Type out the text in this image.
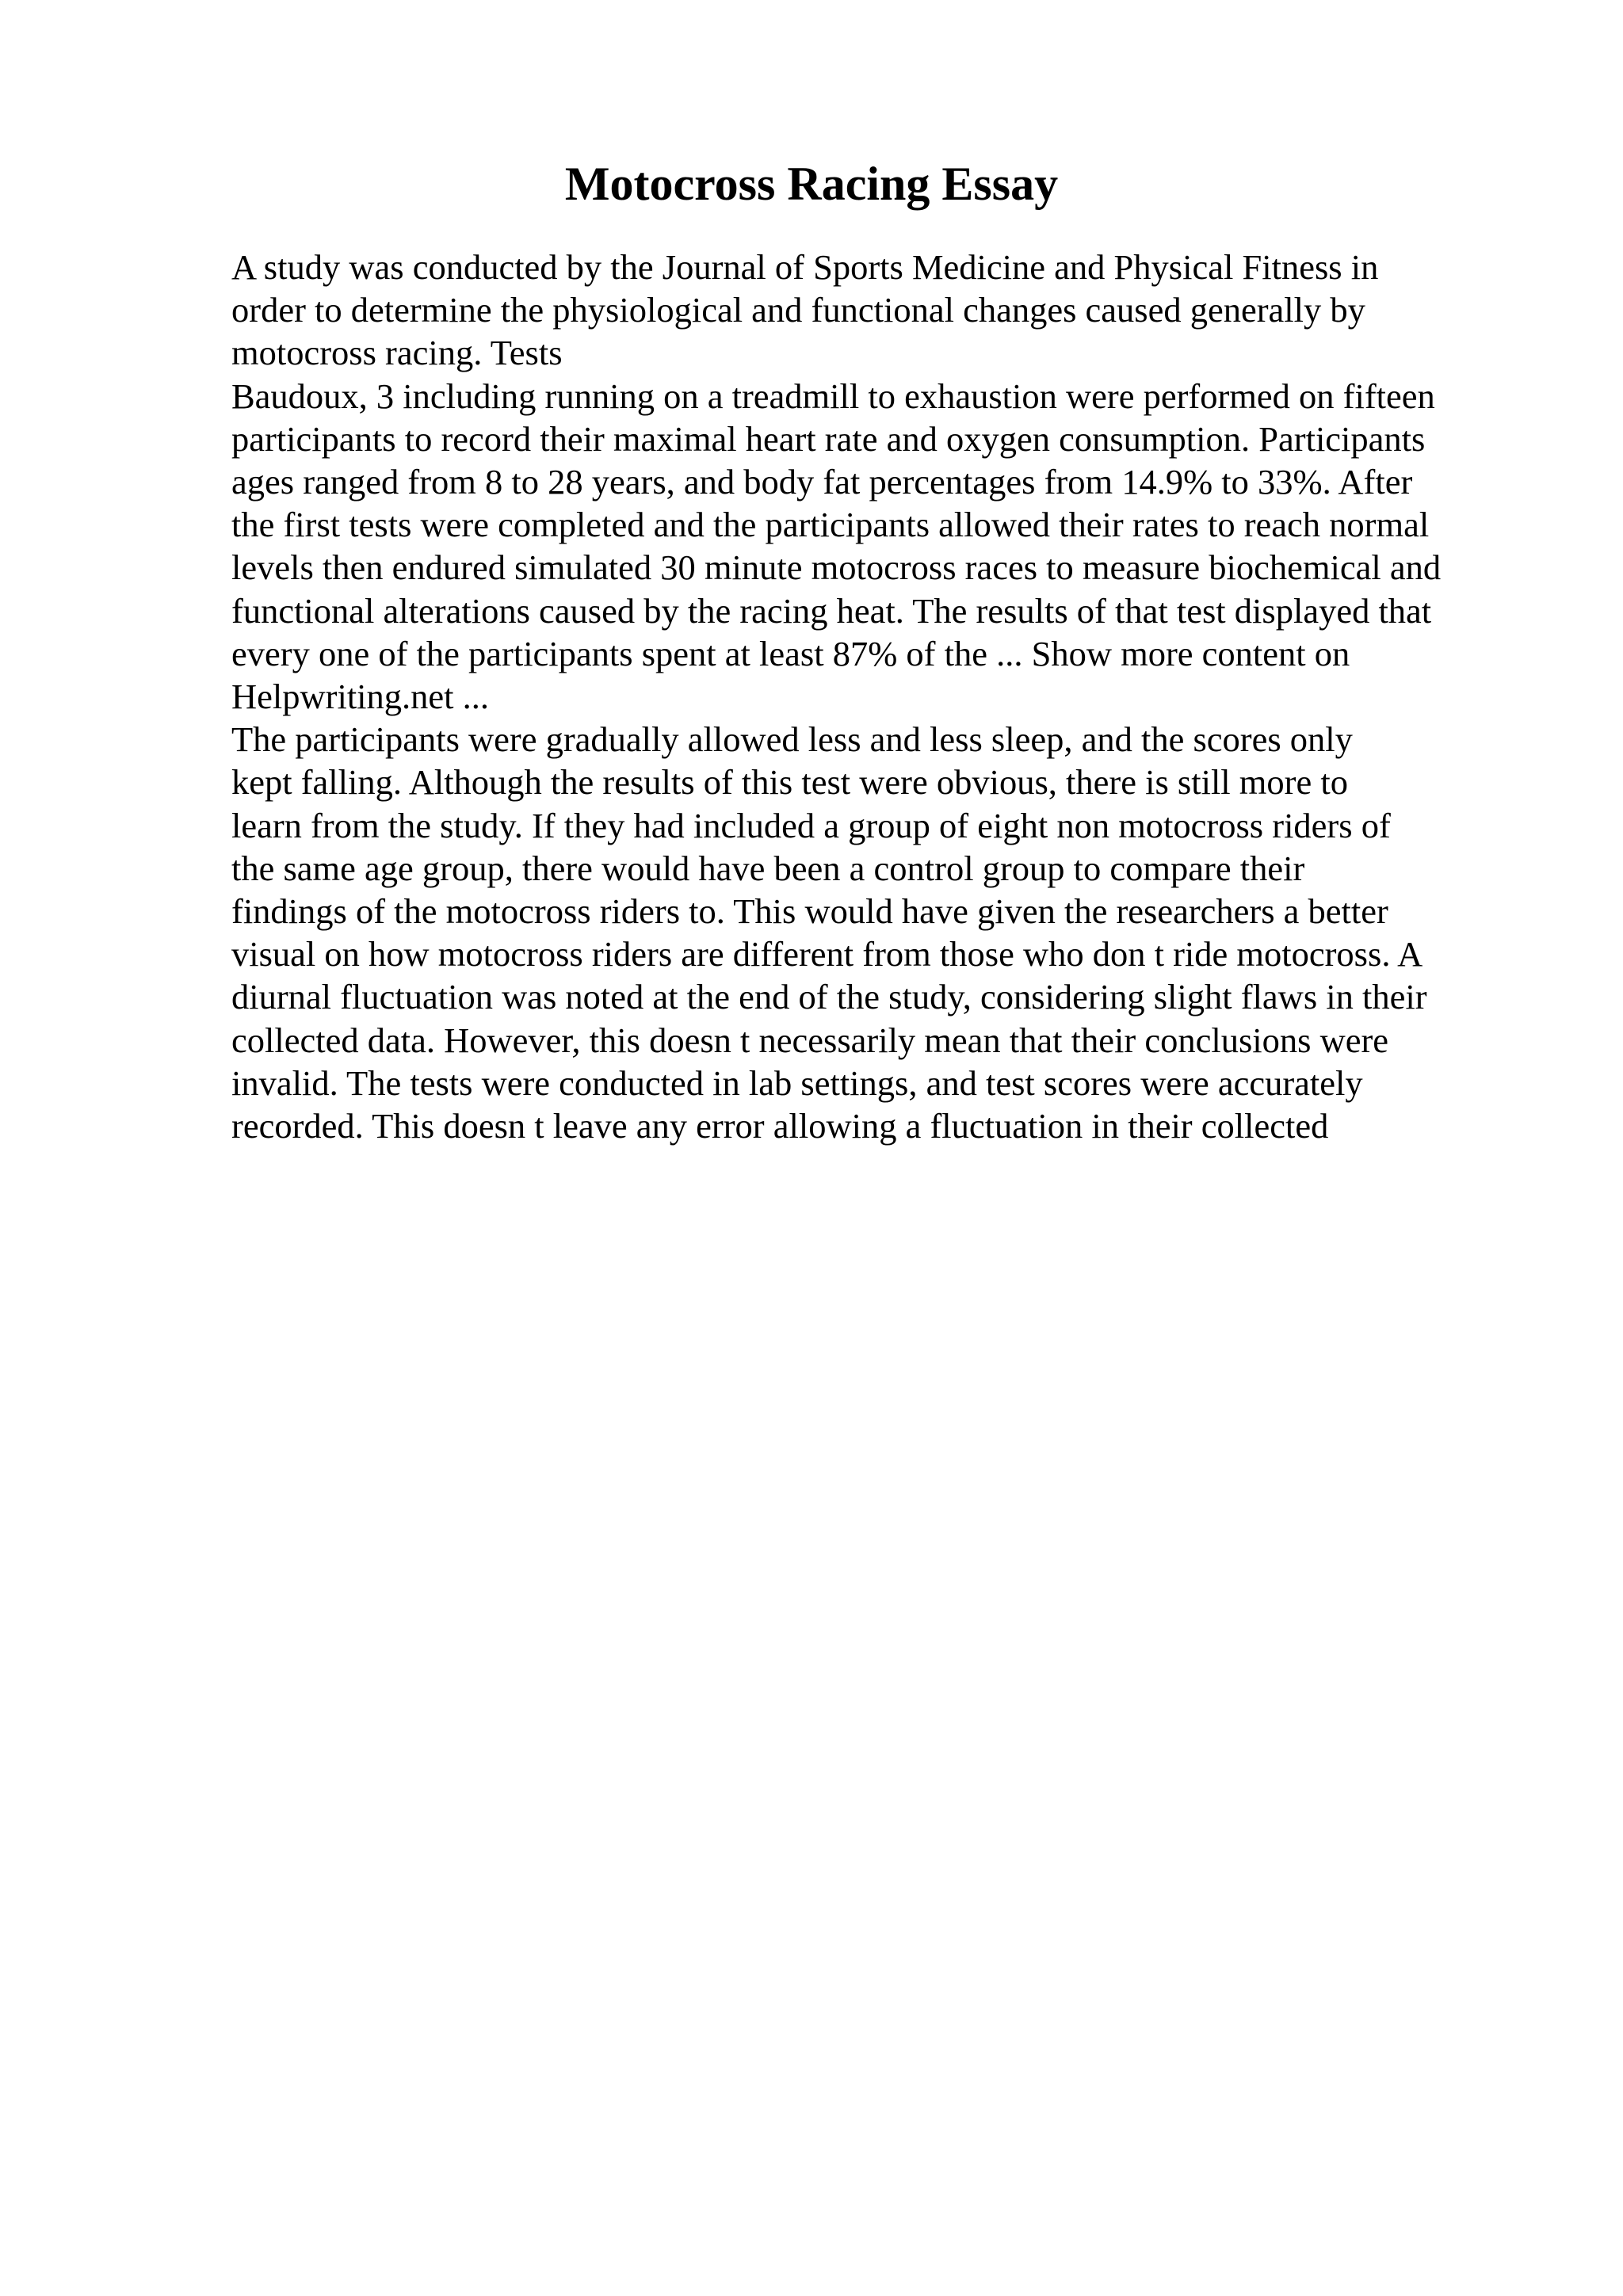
Motocross Racing Essay
A study was conducted by the Journal of Sports Medicine and Physical Fitness in
order to determine the physiological and functional changes caused generally by
motocross racing. Tests
Baudoux, 3 including running on a treadmill to exhaustion were performed on fifteen
participants to record their maximal heart rate and oxygen consumption. Participants
ages ranged from 8 to 28 years, and body fat percentages from 14.9% to 33%. After
the first tests were completed and the participants allowed their rates to reach normal
levels then endured simulated 30 minute motocross races to measure biochemical and
functional alterations caused by the racing heat. The results of that test displayed that
every one of the participants spent at least 87% of the ... Show more content on
Helpwriting.net ...
The participants were gradually allowed less and less sleep, and the scores only
kept falling. Although the results of this test were obvious, there is still more to
learn from the study. If they had included a group of eight non motocross riders of
the same age group, there would have been a control group to compare their
findings of the motocross riders to. This would have given the researchers a better
visual on how motocross riders are different from those who don t ride motocross. A
diurnal fluctuation was noted at the end of the study, considering slight flaws in their
collected data. However, this doesn t necessarily mean that their conclusions were
invalid. The tests were conducted in lab settings, and test scores were accurately
recorded. This doesn t leave any error allowing a fluctuation in their collected
